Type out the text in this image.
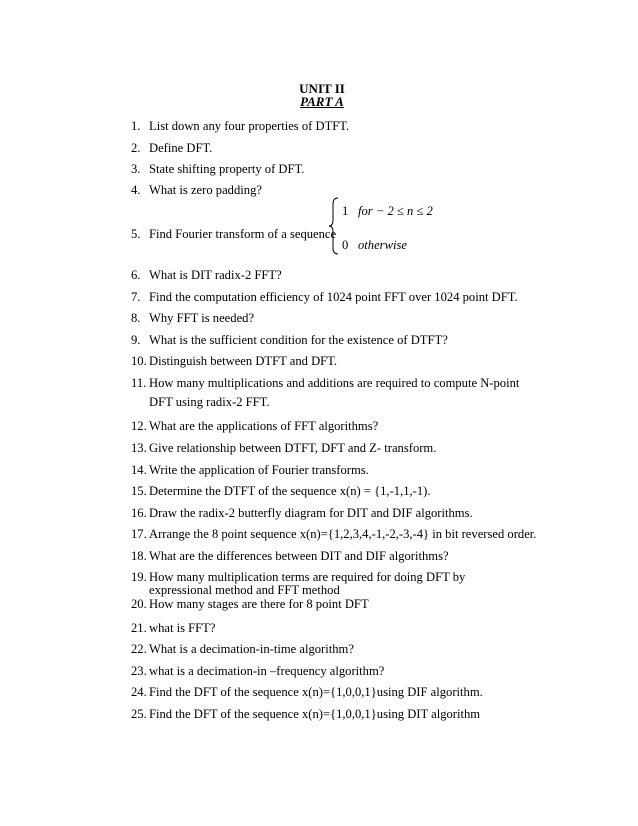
UNIT II
PART A
1. List down any four properties of DTFT.
2. Define DFT.
3. State shifting property of DFT.
4. What is zero padding?
5. Find Fourier transform of a sequence
6. What is DIT radix-2 FFT?
7. Find the computation efficiency of 1024 point FFT over 1024 point DFT.
8. Why FFT is needed?
9. What is the sufficient condition for the existence of DTFT?
10. Distinguish between DTFT and DFT.
11. How many multiplications and additions are required to compute N-point
DFT using radix-2 FFT.
12. What are the applications of FFT algorithms?
13. Give relationship between DTFT, DFT and Z- transform.
14. Write the application of Fourier transforms.
15. Determine the DTFT of the sequence x(n) = {1,-1,1,-1).
16. Draw the radix-2 butterfly diagram for DIT and DIF algorithms.
17. Arrange the 8 point sequence x(n)={1,2,3,4,-1,-2,-3,-4} in bit reversed order.
18. What are the differences between DIT and DIF algorithms?
19. How many multiplication terms are required for doing DFT by
expressional method and FFT method
20. How many stages are there for 8 point DFT
21. what is FFT?
22. What is a decimation-in-time algorithm?
23. what is a decimation-in –frequency algorithm?
24. Find the DFT of the sequence x(n)={1,0,0,1}using DIF algorithm.
25. Find the DFT of the sequence x(n)={1,0,0,1}using DIT algorithm
1 for − 2 ≤ n ≤ 2
0 otherwise
